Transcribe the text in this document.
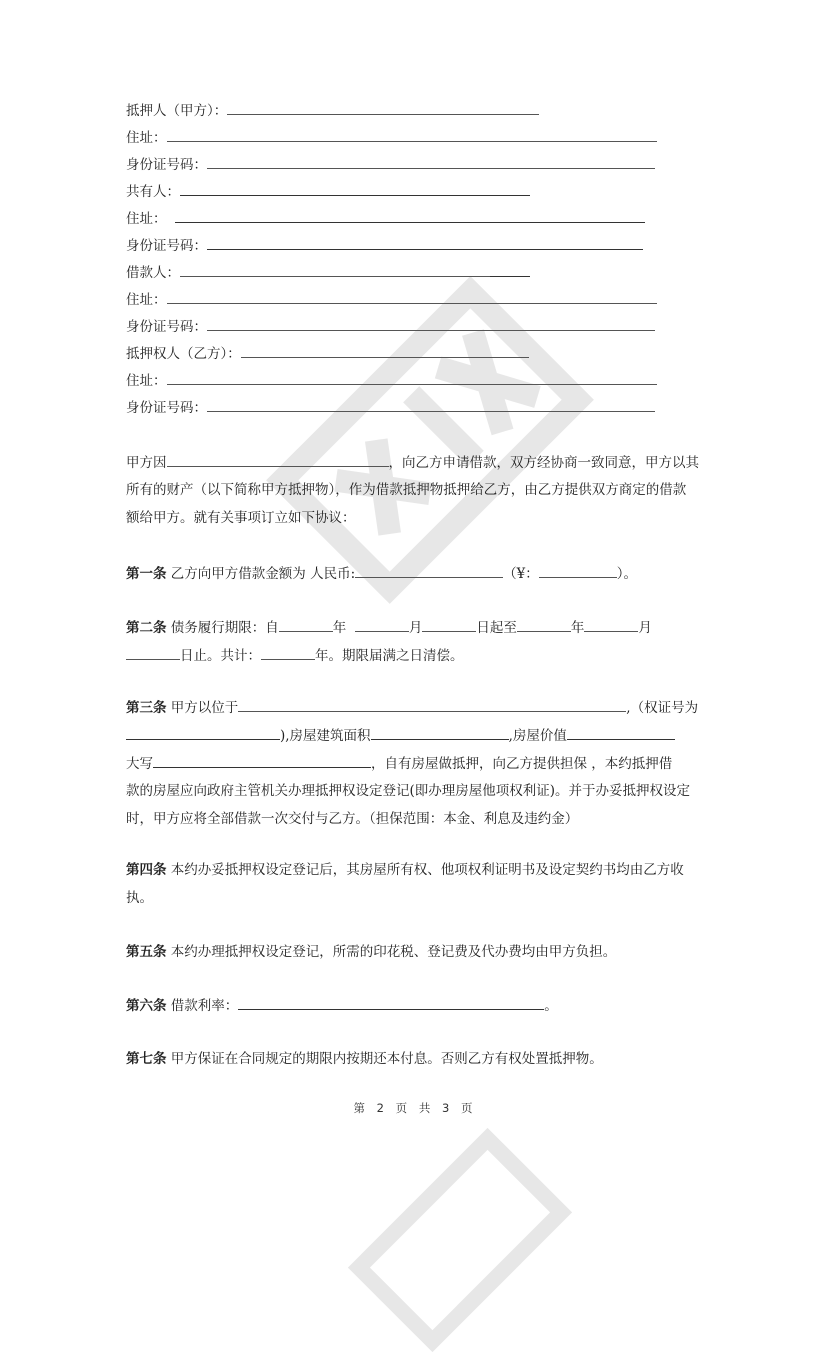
抵押人（甲方）：
住址：
身份证号码：
共有人：
住址：
身份证号码：
借款人：
住址：
身份证号码：
抵押权人（乙方）：
住址：
身份证号码：
甲方因	，向乙方申请借款，双方经协商一致同意，甲方以其
所有的财产（以下简称甲方抵押物），作为借款抵押物抵押给乙方，由乙方提供双方商定的借款
额给甲方。就有关事项订立如下协议：
第一条 乙方向甲方借款金额为 人民币:	（¥：	）。
第二条 债务履行期限：自	年	月	日起至	年	月
日止。共计：	年。期限届满之日清偿。
第三条 甲方以位于	,（权证号为
),房屋建筑面积	,房屋价值
大写	，自有房屋做抵押，向乙方提供担保 ，本约抵押借
款的房屋应向政府主管机关办理抵押权设定登记(即办理房屋他项权利证)。并于办妥抵押权设定
时，甲方应将全部借款一次交付与乙方。（担保范围：本金、利息及违约金）
第四条 本约办妥抵押权设定登记后，其房屋所有权、他项权利证明书及设定契约书均由乙方收
执。
第五条 本约办理抵押权设定登记，所需的印花税、登记费及代办费均由甲方负担。
第六条 借款利率：	。
第七条 甲方保证在合同规定的期限内按期还本付息。否则乙方有权处置抵押物。
第 2 页 共 3 页
